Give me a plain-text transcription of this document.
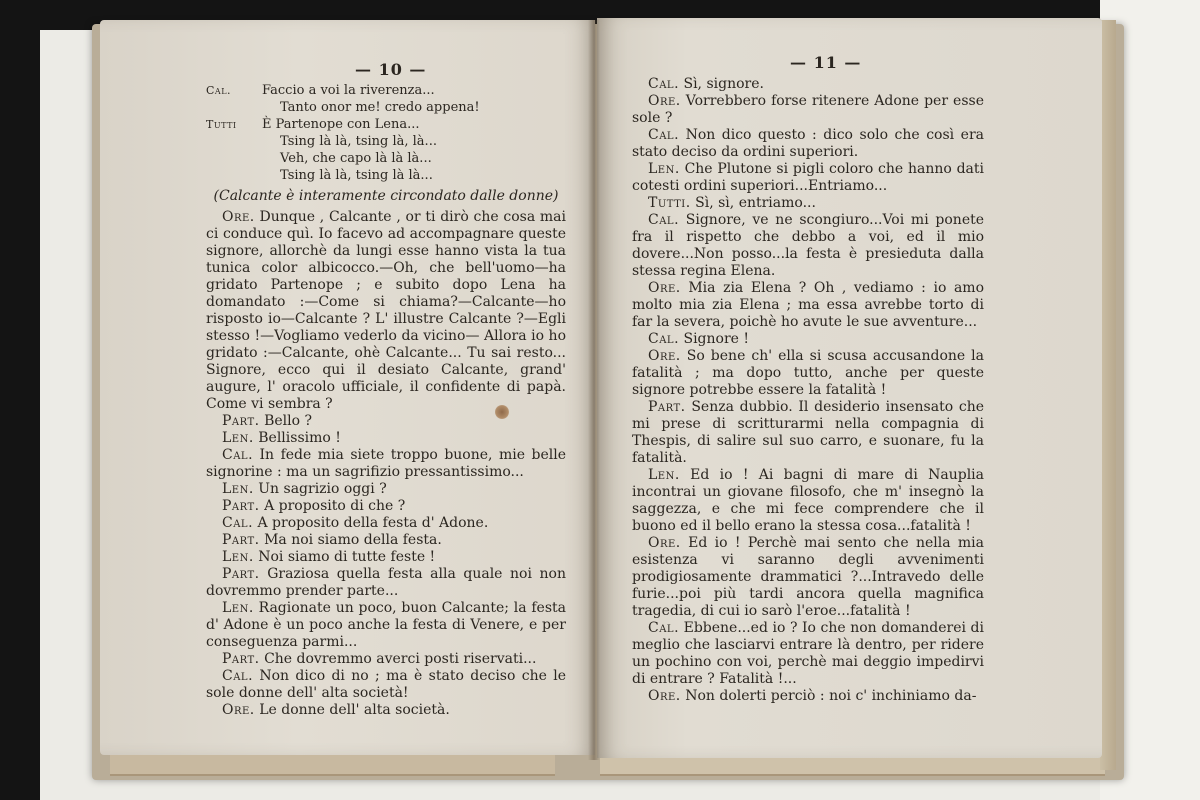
— 10 —
Cal.	Faccio a voi la riverenza...
Tanto onor me! credo appena!
Tutti	È Partenope con Lena...
Tsing là là, tsing là, là...
Veh, che capo là là là...
Tsing là là, tsing là là...
(Calcante è interamente circondato dalle donne)

Ore. Dunque , Calcante , or ti dirò che cosa mai ci conduce quì. Io facevo ad accompagnare queste signore, allorchè da lungi esse hanno vista la tua tunica color albicocco.—Oh, che bell'uomo—ha gridato Partenope ; e subito dopo Lena ha domandato :—Come si chiama?—Calcante—ho risposto io—Calcante ? L' illustre Calcante ?—Egli stesso !—Vogliamo vederlo da vicino— Allora io ho gridato :—Calcante, ohè Calcante... Tu sai resto... Signore, ecco qui il desiato Calcante, grand' augure, l' oracolo ufficiale, il confidente di papà. Come vi sembra ?

Part. Bello ?

Len. Bellissimo !

Cal. In fede mia siete troppo buone, mie belle signorine : ma un sagrifizio pressantissimo...

Len. Un sagrizio oggi ?

Part. A proposito di che ?

Cal. A proposito della festa d' Adone.

Part. Ma noi siamo della festa.

Len. Noi siamo di tutte feste !

Part. Graziosa quella festa alla quale noi non dovremmo prender parte...

Len. Ragionate un poco, buon Calcante; la festa d' Adone è un poco anche la festa di Venere, e per conseguenza parmi...

Part. Che dovremmo averci posti riservati...

Cal. Non dico di no ; ma è stato deciso che le sole donne dell' alta società!

Ore. Le donne dell' alta società.

— 11 —

Cal. Sì, signore.

Ore. Vorrebbero forse ritenere Adone per esse sole ?

Cal. Non dico questo : dico solo che così era stato deciso da ordini superiori.

Len. Che Plutone si pigli coloro che hanno dati cotesti ordini superiori...Entriamo...

Tutti. Sì, sì, entriamo...

Cal. Signore, ve ne scongiuro...Voi mi ponete fra il rispetto che debbo a voi, ed il mio dovere...Non posso...la festa è presieduta dalla stessa regina Elena.

Ore. Mia zia Elena ? Oh , vediamo : io amo molto mia zia Elena ; ma essa avrebbe torto di far la severa, poichè ho avute le sue avventure...

Cal. Signore !

Ore. So bene ch' ella si scusa accusandone la fatalità ; ma dopo tutto, anche per queste signore potrebbe essere la fatalità !

Part. Senza dubbio. Il desiderio insensato che mi prese di scritturarmi nella compagnia di Thespis, di salire sul suo carro, e suonare, fu la fatalità.

Len. Ed io ! Ai bagni di mare di Nauplia incontrai un giovane filosofo, che m' insegnò la saggezza, e che mi fece comprendere che il buono ed il bello erano la stessa cosa...fatalità !

Ore. Ed io ! Perchè mai sento che nella mia esistenza vi saranno degli avvenimenti prodigiosamente drammatici ?...Intravedo delle furie...poi più tardi ancora quella magnifica tragedia, di cui io sarò l'eroe...fatalità !

Cal. Ebbene...ed io ? Io che non domanderei di meglio che lasciarvi entrare là dentro, per ridere un pochino con voi, perchè mai deggio impedirvi di entrare ? Fatalità !...

Ore. Non dolerti perciò : noi c' inchiniamo da-
